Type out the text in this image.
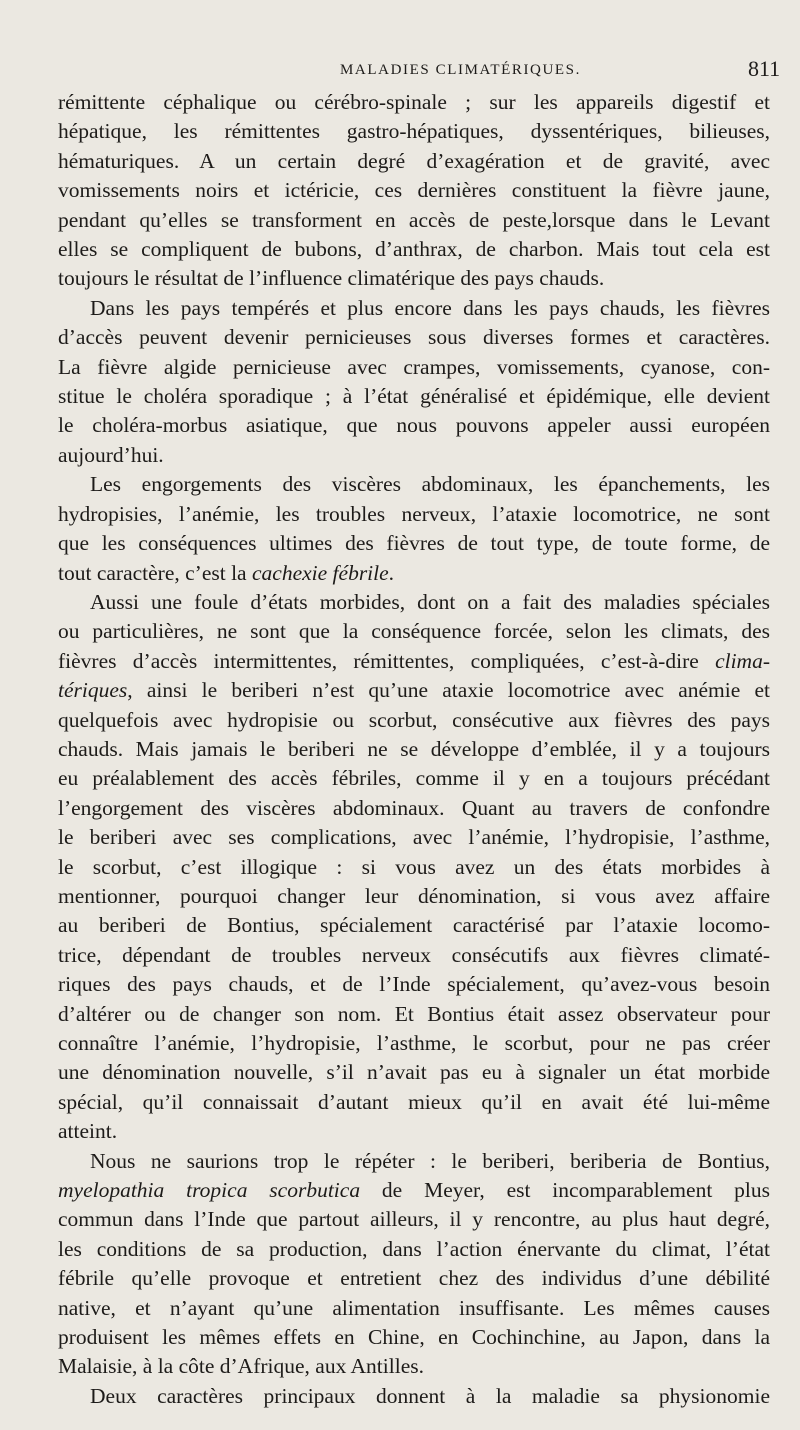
MALADIES CLIMATÉRIQUES.	811
rémittente céphalique ou cérébro-spinale ; sur les appareils digestif et
hépatique, les rémittentes gastro-hépatiques, dyssentériques, bilieuses,
hématuriques. A un certain degré d’exagération et de gravité, avec
vomissements noirs et ictéricie, ces dernières constituent la fièvre jaune,
pendant qu’elles se transforment en accès de peste,lorsque dans le Levant
elles se compliquent de bubons, d’anthrax, de charbon. Mais tout cela est
toujours le résultat de l’influence climatérique des pays chauds.
Dans les pays tempérés et plus encore dans les pays chauds, les fièvres
d’accès peuvent devenir pernicieuses sous diverses formes et caractères.
La fièvre algide pernicieuse avec crampes, vomissements, cyanose, con-
stitue le choléra sporadique ; à l’état généralisé et épidémique, elle devient
le choléra-morbus asiatique, que nous pouvons appeler aussi européen
aujourd’hui.
Les engorgements des viscères abdominaux, les épanchements, les
hydropisies, l’anémie, les troubles nerveux, l’ataxie locomotrice, ne sont
que les conséquences ultimes des fièvres de tout type, de toute forme, de
tout caractère, c’est la cachexie fébrile.
Aussi une foule d’états morbides, dont on a fait des maladies spéciales
ou particulières, ne sont que la conséquence forcée, selon les climats, des
fièvres d’accès intermittentes, rémittentes, compliquées, c’est-à-dire clima-
tériques, ainsi le beriberi n’est qu’une ataxie locomotrice avec anémie et
quelquefois avec hydropisie ou scorbut, consécutive aux fièvres des pays
chauds. Mais jamais le beriberi ne se développe d’emblée, il y a toujours
eu préalablement des accès fébriles, comme il y en a toujours précédant
l’engorgement des viscères abdominaux. Quant au travers de confondre
le beriberi avec ses complications, avec l’anémie, l’hydropisie, l’asthme,
le scorbut, c’est illogique : si vous avez un des états morbides à
mentionner, pourquoi changer leur dénomination, si vous avez affaire
au beriberi de Bontius, spécialement caractérisé par l’ataxie locomo-
trice, dépendant de troubles nerveux consécutifs aux fièvres climaté-
riques des pays chauds, et de l’Inde spécialement, qu’avez-vous besoin
d’altérer ou de changer son nom. Et Bontius était assez observateur pour
connaître l’anémie, l’hydropisie, l’asthme, le scorbut, pour ne pas créer
une dénomination nouvelle, s’il n’avait pas eu à signaler un état morbide
spécial, qu’il connaissait d’autant mieux qu’il en avait été lui-même
atteint.
Nous ne saurions trop le répéter : le beriberi, beriberia de Bontius,
myelopathia tropica scorbutica de Meyer, est incomparablement plus
commun dans l’Inde que partout ailleurs, il y rencontre, au plus haut degré,
les conditions de sa production, dans l’action énervante du climat, l’état
fébrile qu’elle provoque et entretient chez des individus d’une débilité
native, et n’ayant qu’une alimentation insuffisante. Les mêmes causes
produisent les mêmes effets en Chine, en Cochinchine, au Japon, dans la
Malaisie, à la côte d’Afrique, aux Antilles.
Deux caractères principaux donnent à la maladie sa physionomie
